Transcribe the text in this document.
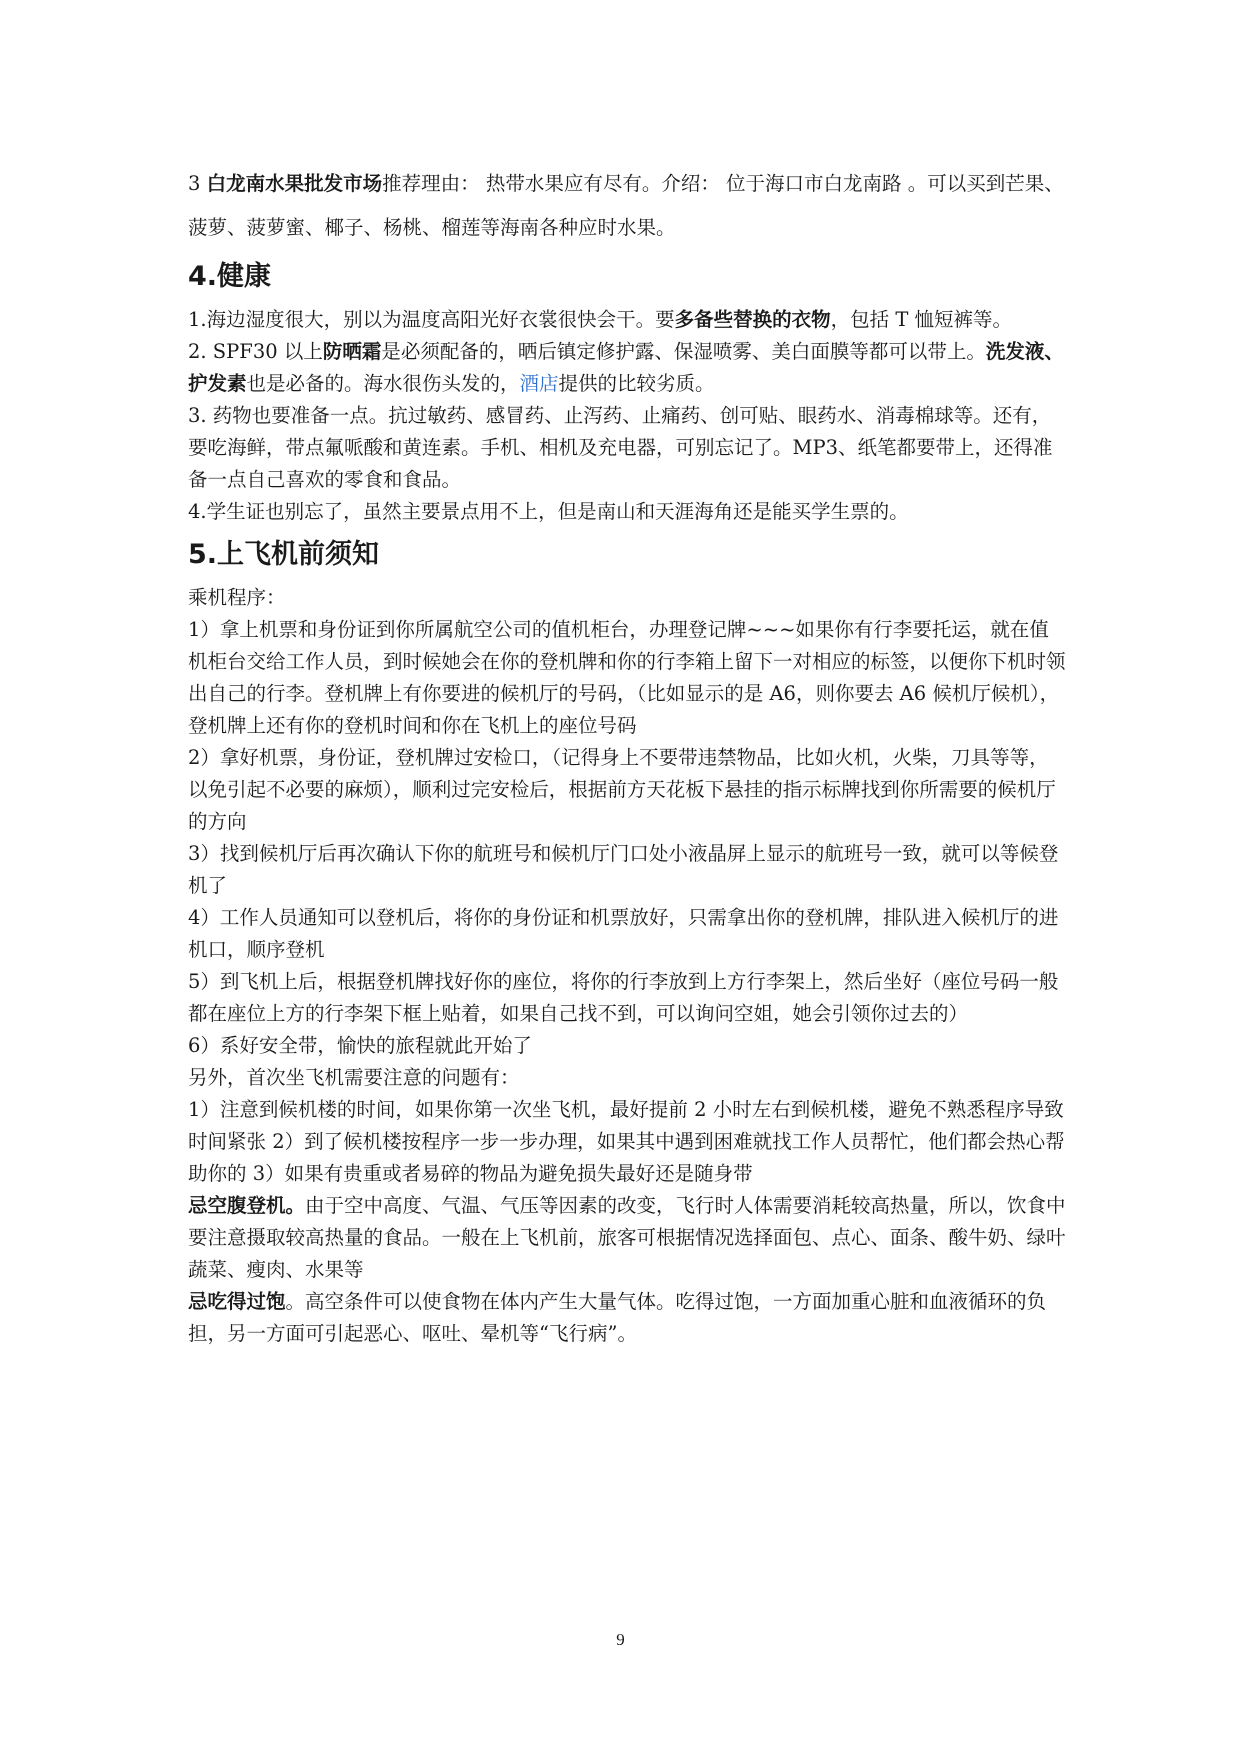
3 白龙南水果批发市场推荐理由： 热带水果应有尽有。介绍： 位于海口市白龙南路 。可以买到芒果、菠萝、菠萝蜜、椰子、杨桃、榴莲等海南各种应时水果。

4.健康

1.海边湿度很大，别以为温度高阳光好衣裳很快会干。要多备些替换的衣物，包括 T 恤短裤等。

2. SPF30 以上防晒霜是必须配备的，晒后镇定修护露、保湿喷雾、美白面膜等都可以带上。洗发液、护发素也是必备的。海水很伤头发的，酒店提供的比较劣质。

3. 药物也要准备一点。抗过敏药、感冒药、止泻药、止痛药、创可贴、眼药水、消毒棉球等。还有，要吃海鲜，带点氟哌酸和黄连素。手机、相机及充电器，可别忘记了。MP3、纸笔都要带上，还得准备一点自己喜欢的零食和食品。

4.学生证也别忘了，虽然主要景点用不上，但是南山和天涯海角还是能买学生票的。

5.上飞机前须知

乘机程序：

1）拿上机票和身份证到你所属航空公司的值机柜台，办理登记牌~~~如果你有行李要托运，就在值机柜台交给工作人员，到时候她会在你的登机牌和你的行李箱上留下一对相应的标签，以便你下机时领出自己的行李。登机牌上有你要进的候机厅的号码，（比如显示的是 A6，则你要去 A6 候机厅候机），登机牌上还有你的登机时间和你在飞机上的座位号码

2）拿好机票，身份证，登机牌过安检口，（记得身上不要带违禁物品，比如火机，火柴，刀具等等，以免引起不必要的麻烦），顺利过完安检后，根据前方天花板下悬挂的指示标牌找到你所需要的候机厅的方向

3）找到候机厅后再次确认下你的航班号和候机厅门口处小液晶屏上显示的航班号一致，就可以等候登机了

4）工作人员通知可以登机后，将你的身份证和机票放好，只需拿出你的登机牌，排队进入候机厅的进机口，顺序登机

5）到飞机上后，根据登机牌找好你的座位，将你的行李放到上方行李架上，然后坐好（座位号码一般都在座位上方的行李架下框上贴着，如果自己找不到，可以询问空姐，她会引领你过去的）

6）系好安全带，愉快的旅程就此开始了

另外，首次坐飞机需要注意的问题有：

1）注意到候机楼的时间，如果你第一次坐飞机，最好提前 2 小时左右到候机楼，避免不熟悉程序导致时间紧张 2）到了候机楼按程序一步一步办理，如果其中遇到困难就找工作人员帮忙，他们都会热心帮助你的 3）如果有贵重或者易碎的物品为避免损失最好还是随身带

忌空腹登机。由于空中高度、气温、气压等因素的改变，飞行时人体需要消耗较高热量，所以，饮食中要注意摄取较高热量的食品。一般在上飞机前，旅客可根据情况选择面包、点心、面条、酸牛奶、绿叶蔬菜、瘦肉、水果等

忌吃得过饱。高空条件可以使食物在体内产生大量气体。吃得过饱，一方面加重心脏和血液循环的负担，另一方面可引起恶心、呕吐、晕机等“飞行病”。

9
